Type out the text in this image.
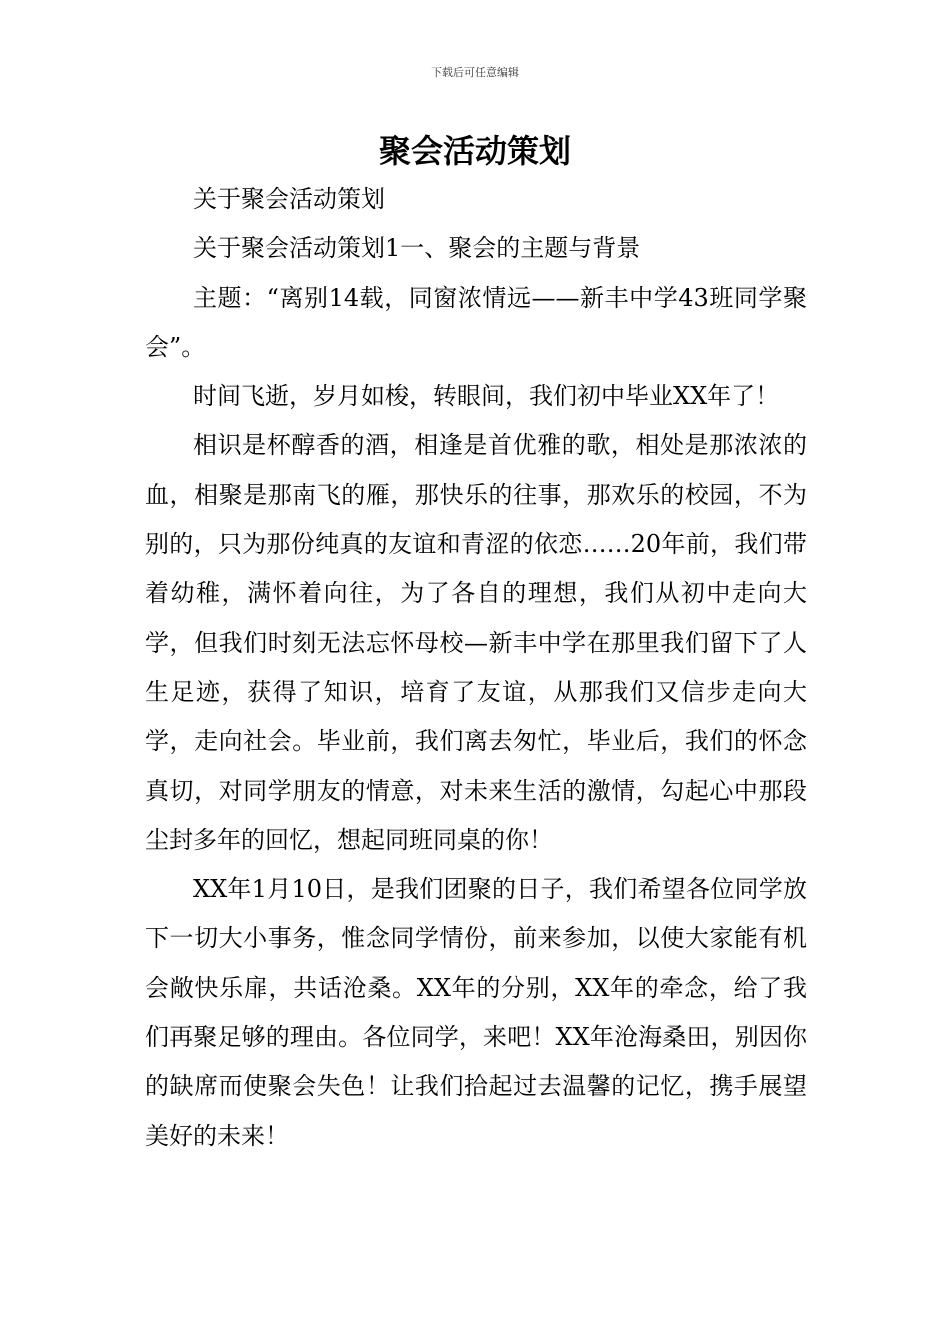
下载后可任意编辑
聚会活动策划

关于聚会活动策划

关于聚会活动策划1一、聚会的主题与背景

主题：“离别14载，同窗浓情远——新丰中学43班同学聚会”。

时间飞逝，岁月如梭，转眼间，我们初中毕业XX年了！

相识是杯醇香的酒，相逢是首优雅的歌，相处是那浓浓的血，相聚是那南飞的雁，那快乐的往事，那欢乐的校园，不为别的，只为那份纯真的友谊和青涩的依恋……20年前，我们带着幼稚，满怀着向往，为了各自的理想，我们从初中走向大学，但我们时刻无法忘怀母校—新丰中学在那里我们留下了人生足迹，获得了知识，培育了友谊，从那我们又信步走向大学，走向社会。毕业前，我们离去匆忙，毕业后，我们的怀念真切，对同学朋友的情意，对未来生活的激情，勾起心中那段尘封多年的回忆，想起同班同桌的你！

XX年1月10日，是我们团聚的日子，我们希望各位同学放下一切大小事务，惟念同学情份，前来参加，以使大家能有机会敞快乐扉，共话沧桑。XX年的分别，XX年的牵念，给了我们再聚足够的理由。各位同学，来吧！XX年沧海桑田，别因你的缺席而使聚会失色！让我们拾起过去温馨的记忆，携手展望美好的未来！
